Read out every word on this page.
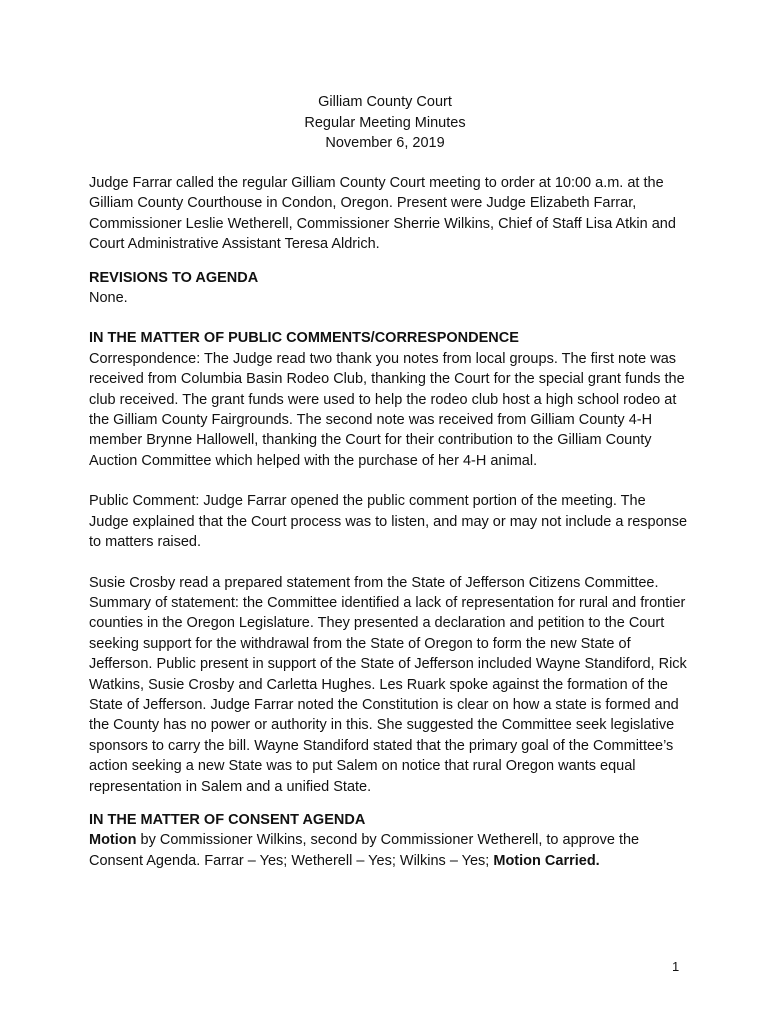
Gilliam County Court
Regular Meeting Minutes
November 6, 2019

Judge Farrar called the regular Gilliam County Court meeting to order at 10:00 a.m. at the Gilliam County Courthouse in Condon, Oregon. Present were Judge Elizabeth Farrar, Commissioner Leslie Wetherell, Commissioner Sherrie Wilkins, Chief of Staff Lisa Atkin and Court Administrative Assistant Teresa Aldrich.

REVISIONS TO AGENDA

None.

IN THE MATTER OF PUBLIC COMMENTS/CORRESPONDENCE

Correspondence: The Judge read two thank you notes from local groups. The first note was received from Columbia Basin Rodeo Club, thanking the Court for the special grant funds the club received. The grant funds were used to help the rodeo club host a high school rodeo at the Gilliam County Fairgrounds. The second note was received from Gilliam County 4-H member Brynne Hallowell, thanking the Court for their contribution to the Gilliam County Auction Committee which helped with the purchase of her 4-H animal.

Public Comment: Judge Farrar opened the public comment portion of the meeting. The Judge explained that the Court process was to listen, and may or may not include a response to matters raised.

Susie Crosby read a prepared statement from the State of Jefferson Citizens Committee. Summary of statement: the Committee identified a lack of representation for rural and frontier counties in the Oregon Legislature. They presented a declaration and petition to the Court seeking support for the withdrawal from the State of Oregon to form the new State of Jefferson. Public present in support of the State of Jefferson included Wayne Standiford, Rick Watkins, Susie Crosby and Carletta Hughes. Les Ruark spoke against the formation of the State of Jefferson. Judge Farrar noted the Constitution is clear on how a state is formed and the County has no power or authority in this. She suggested the Committee seek legislative sponsors to carry the bill. Wayne Standiford stated that the primary goal of the Committee’s action seeking a new State was to put Salem on notice that rural Oregon wants equal representation in Salem and a unified State.

IN THE MATTER OF CONSENT AGENDA

Motion by Commissioner Wilkins, second by Commissioner Wetherell, to approve the Consent Agenda. Farrar – Yes; Wetherell – Yes; Wilkins – Yes; Motion Carried.

1
